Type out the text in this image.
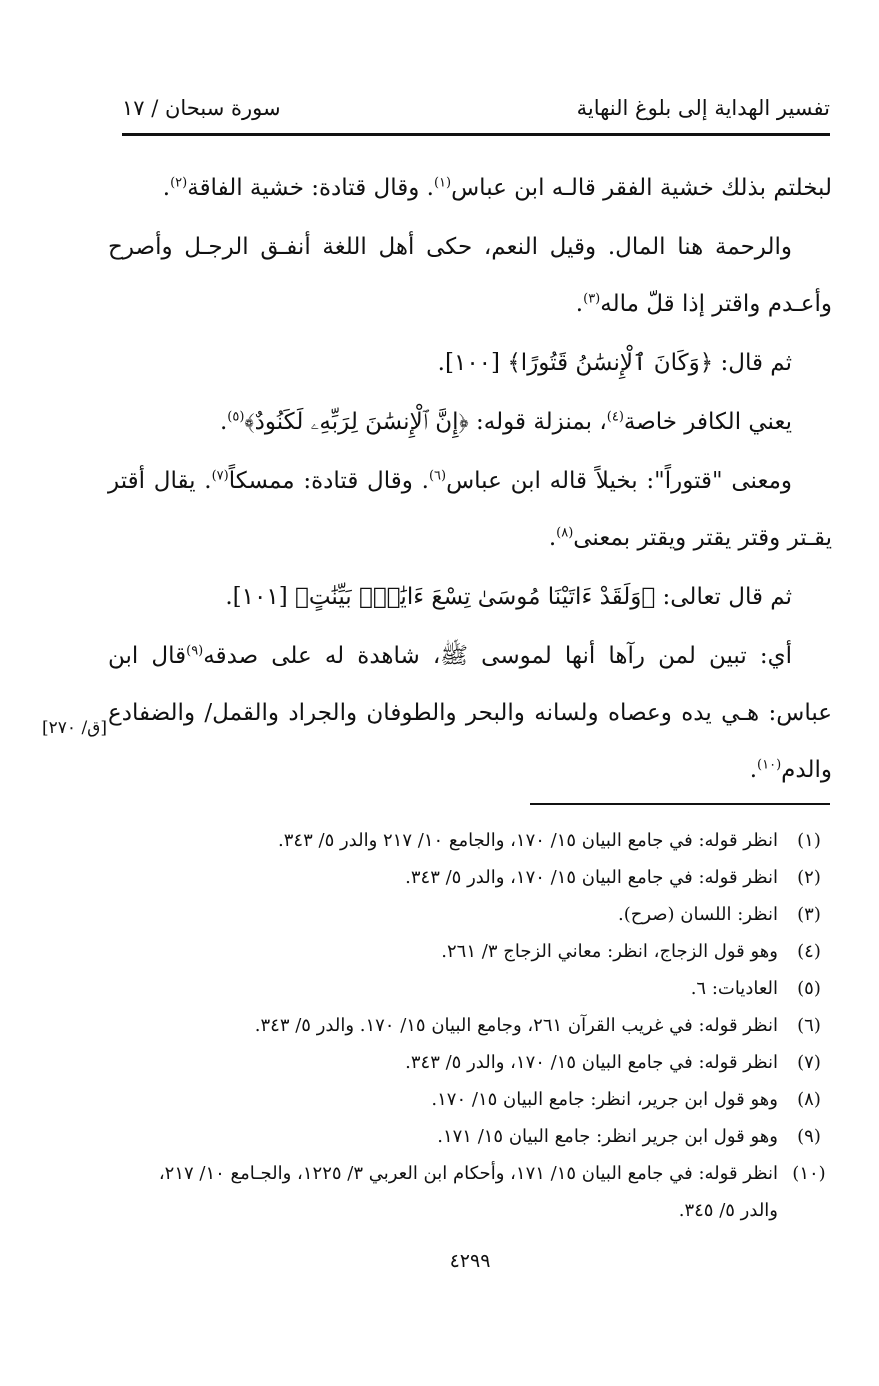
تفسير الهداية إلى بلوغ النهاية
سورة سبحان / ١٧

لبخلتم بذلك خشية الفقر قالـه ابن عباس$^{(١)}$. وقال قتادة: خشية الفاقة$^{(٢)}$.

والرحمة هنا المال. وقيل النعم، حكى أهل اللغة أنفـق الرجـل وأصرح وأعـدم واقتر إذا قلّ ماله$^{(٣)}$.

ثم قال: ﴿وَكَانَ ٱلْإِنسَٰنُ قَتُورًا﴾ [١٠٠].

يعني الكافر خاصة$^{(٤)}$، بمنزلة قوله: ﴿إِنَّ ٱلْإِنسَٰنَ لِرَبِّهِۦ لَكَنُودٌ﴾$^{(٥)}$.

ومعنى "قتوراً": بخيلاً قاله ابن عباس$^{(٦)}$. وقال قتادة: ممسكاً$^{(٧)}$. يقال أقتر يقـتر وقتر يقتر ويقتر بمعنى$^{(٨)}$.

ثم قال تعالى: ﴿وَلَقَدْ ءَاتَيْنَا مُوسَىٰ تِسْعَ ءَايَٰتٍۭ بَيِّنَٰتٍ﴾ [١٠١].

أي: تبين لمن رآها أنها لموسى ﷺ، شاهدة له على صدقه$^{(٩)}$قال ابن عباس: هـي يده وعصاه ولسانه والبحر والطوفان والجراد والقمل/ والضفادع والدم$^{(١٠)}$.

[ق/ ٢٧٠]
(١)
انظر قوله: في جامع البيان ١٥/ ١٧٠، والجامع ١٠/ ٢١٧ والدر ٥/ ٣٤٣.
(٢)
انظر قوله: في جامع البيان ١٥/ ١٧٠، والدر ٥/ ٣٤٣.
(٣)
انظر: اللسان (صرح).
(٤)
وهو قول الزجاج، انظر: معاني الزجاج ٣/ ٢٦١.
(٥)
العاديات: ٦.
(٦)
انظر قوله: في غريب القرآن ٢٦١، وجامع البيان ١٥/ ١٧٠. والدر ٥/ ٣٤٣.
(٧)
انظر قوله: في جامع البيان ١٥/ ١٧٠، والدر ٥/ ٣٤٣.
(٨)
وهو قول ابن جرير، انظر: جامع البيان ١٥/ ١٧٠.
(٩)
وهو قول ابن جرير انظر: جامع البيان ١٥/ ١٧١.
(١٠)
انظر قوله: في جامع البيان ١٥/ ١٧١، وأحكام ابن العربي ٣/ ١٢٢٥، والجـامع ١٠/ ٢١٧، والدر ٥/ ٣٤٥.
٤٢٩٩
